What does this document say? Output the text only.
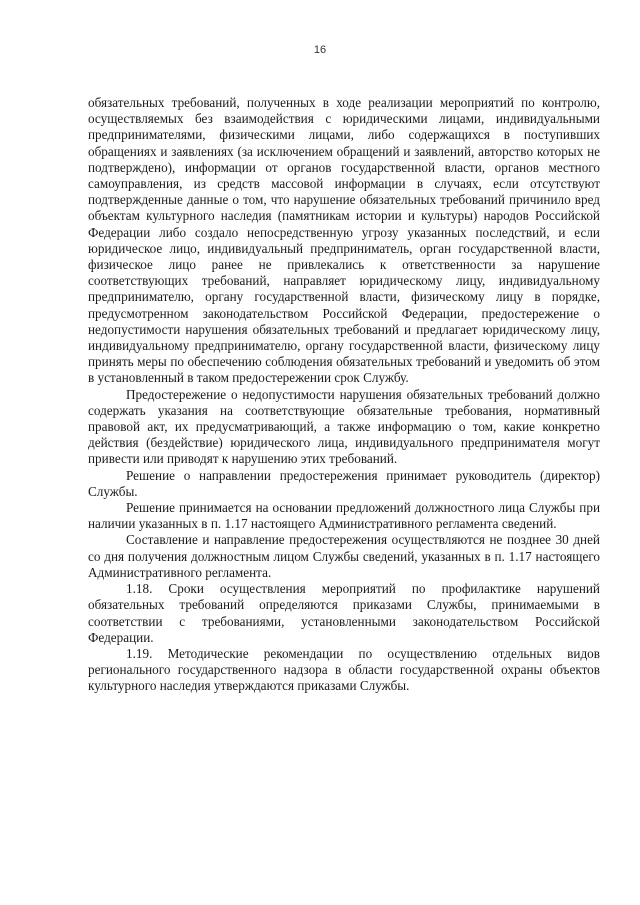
16

обязательных требований, полученных в ходе реализации мероприятий по контролю, осуществляемых без взаимодействия с юридическими лицами, индивидуальными предпринимателями, физическими лицами, либо содержащихся в поступивших обращениях и заявлениях (за исключением обращений и заявлений, авторство которых не подтверждено), информации от органов государственной власти, органов местного самоуправления, из средств массовой информации в случаях, если отсутствуют подтвержденные данные о том, что нарушение обязательных требований причинило вред объектам культурного наследия (памятникам истории и культуры) народов Российской Федерации либо создало непосредственную угрозу указанных последствий, и если юридическое лицо, индивидуальный предприниматель, орган государственной власти, физическое лицо ранее не привлекались к ответственности за нарушение соответствующих требований, направляет юридическому лицу, индивидуальному предпринимателю, органу государственной власти, физическому лицу в порядке, предусмотренном законодательством Российской Федерации, предостережение о недопустимости нарушения обязательных требований и предлагает юридическому лицу, индивидуальному предпринимателю, органу государственной власти, физическому лицу принять меры по обеспечению соблюдения обязательных требований и уведомить об этом в установленный в таком предостережении срок Службу.

Предостережение о недопустимости нарушения обязательных требований должно содержать указания на соответствующие обязательные требования, нормативный правовой акт, их предусматривающий, а также информацию о том, какие конкретно действия (бездействие) юридического лица, индивидуального предпринимателя могут привести или приводят к нарушению этих требований.

Решение о направлении предостережения принимает руководитель (директор) Службы.

Решение принимается на основании предложений должностного лица Службы при наличии указанных в п. 1.17 настоящего Административного регламента сведений.

Составление и направление предостережения осуществляются не позднее 30 дней со дня получения должностным лицом Службы сведений, указанных в п. 1.17 настоящего Административного регламента.

1.18. Сроки осуществления мероприятий по профилактике нарушений обязательных требований определяются приказами Службы, принимаемыми в соответствии с требованиями, установленными законодательством Российской Федерации.

1.19. Методические рекомендации по осуществлению отдельных видов регионального государственного надзора в области государственной охраны объектов культурного наследия утверждаются приказами Службы.
